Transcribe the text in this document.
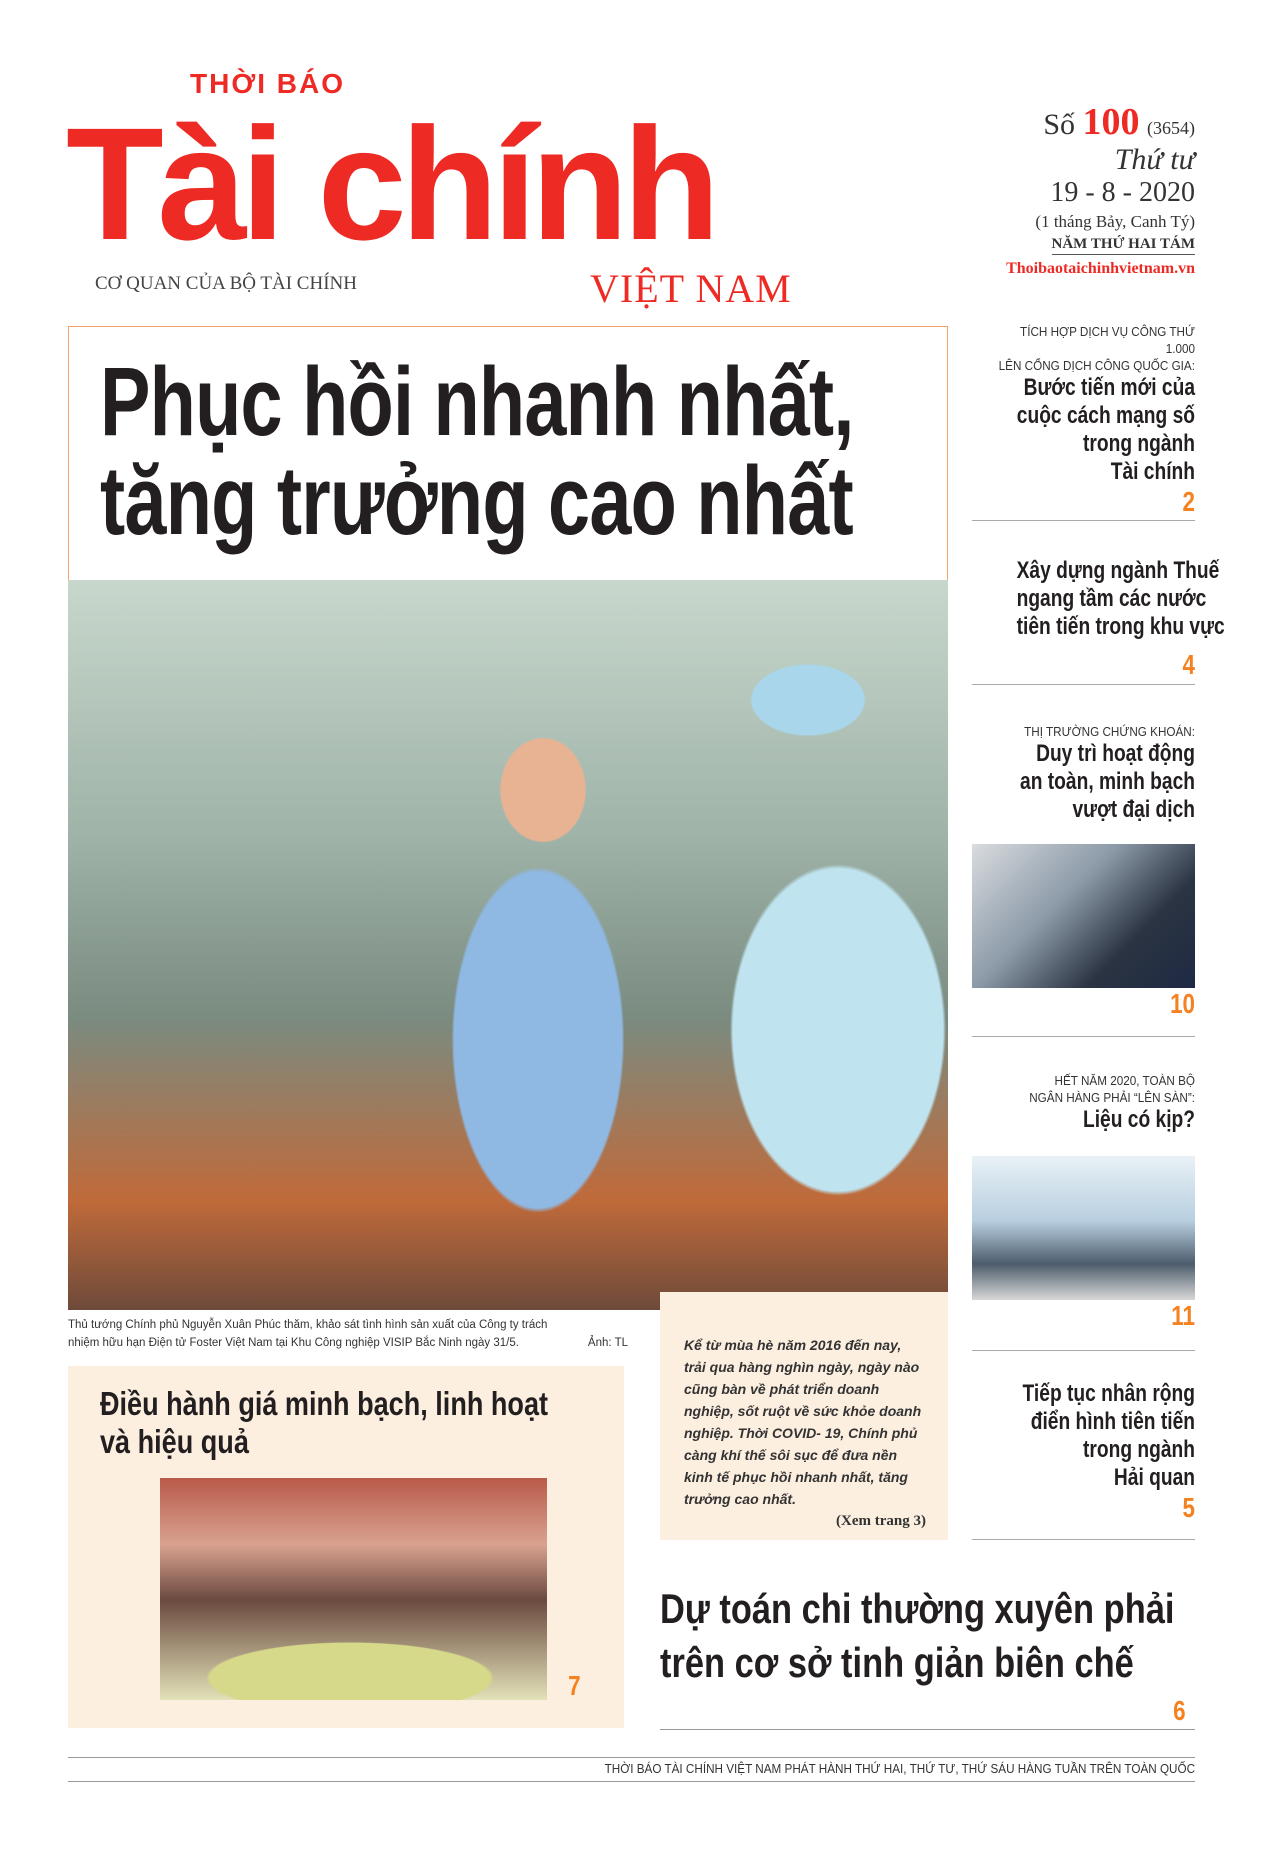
THỜI BÁO
Tài chính
CƠ QUAN CỦA BỘ TÀI CHÍNH	VIỆT NAM
Số 100 (3654)
Thứ tư
19 - 8 - 2020
(1 tháng Bảy, Canh Tý)
NĂM THỨ HAI TÁM
Thoibaotaichinhvietnam.vn
Phục hồi nhanh nhất,
tăng trưởng cao nhất
Thủ tướng Chính phủ Nguyễn Xuân Phúc thăm, khảo sát tình hình sản xuất của Công ty trách nhiệm hữu hạn Điện tử Foster Việt Nam tại Khu Công nghiệp VISIP Bắc Ninh ngày 31/5.	Ảnh: TL	Kể từ mùa hè năm 2016 đến nay, trải qua hàng nghìn ngày, ngày nào cũng bàn về phát triển doanh nghiệp, sốt ruột về sức khỏe doanh nghiệp. Thời COVID- 19, Chính phủ càng khí thế sôi sục để đưa nền kinh tế phục hồi nhanh nhất, tăng trưởng cao nhất.
(Xem trang 3)
Điều hành giá minh bạch, linh hoạt
và hiệu quả
7
Dự toán chi thường xuyên phải
trên cơ sở tinh giản biên chế
6
TÍCH HỢP DỊCH VỤ CÔNG THỨ 1.000
LÊN CỔNG DỊCH CÔNG QUỐC GIA:
Bước tiến mới của
cuộc cách mạng số
trong ngành
Tài chính
2
Xây dựng ngành Thuế
ngang tầm các nước
tiên tiến trong khu vực
4
THỊ TRƯỜNG CHỨNG KHOÁN:
Duy trì hoạt động
an toàn, minh bạch
vượt đại dịch
10
HẾT NĂM 2020, TOÀN BỘ
NGÂN HÀNG PHẢI “LÊN SÀN”:
Liệu có kịp?
11
Tiếp tục nhân rộng
điển hình tiên tiến
trong ngành
Hải quan
5
THỜI BÁO TÀI CHÍNH VIỆT NAM PHÁT HÀNH THỨ HAI, THỨ TƯ, THỨ SÁU HÀNG TUẦN TRÊN TOÀN QUỐC
